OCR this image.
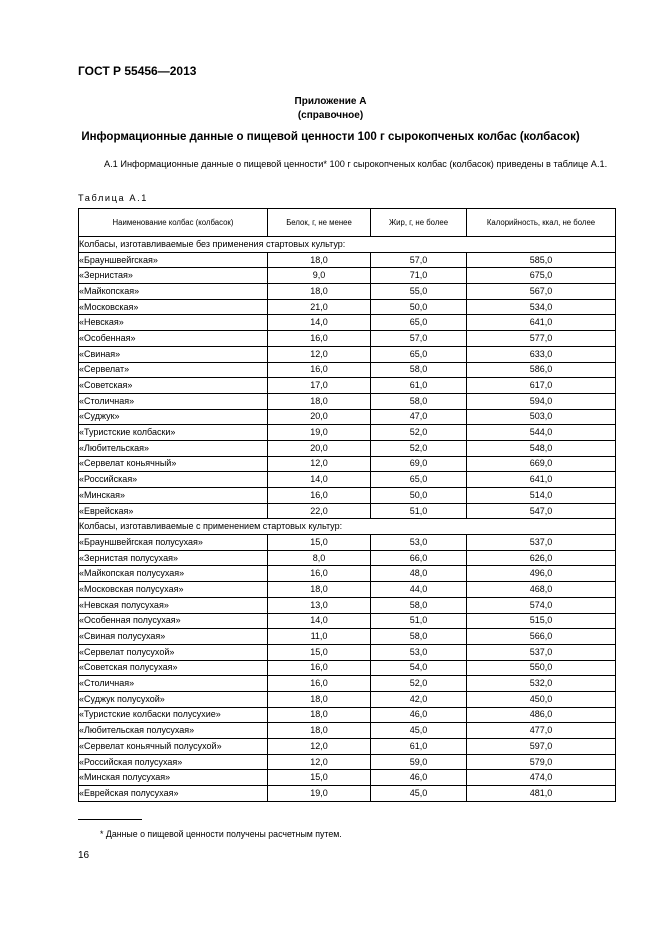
ГОСТ Р 55456—2013
Приложение А
(справочное)
Информационные данные о пищевой ценности 100 г сырокопченых колбас (колбасок)
А.1 Информационные данные о пищевой ценности* 100 г сырокопченых колбас (колбасок) приведены в таблице А.1.
Таблица А.1
Наименование колбас (колбасок)	Белок, г, не менее	Жир, г, не более	Калорийность, ккал, не более
Колбасы, изготавливаемые без применения стартовых культур:			
«Брауншвейгская»	18,0	57,0	585,0
«Зернистая»	9,0	71,0	675,0
«Майкопская»	18,0	55,0	567,0
«Московская»	21,0	50,0	534,0
«Невская»	14,0	65,0	641,0
«Особенная»	16,0	57,0	577,0
«Свиная»	12,0	65,0	633,0
«Сервелат»	16,0	58,0	586,0
«Советская»	17,0	61,0	617,0
«Столичная»	18,0	58,0	594,0
«Суджук»	20,0	47,0	503,0
«Туристские колбаски»	19,0	52,0	544,0
«Любительская»	20,0	52,0	548,0
«Сервелат коньячный»	12,0	69,0	669,0
«Российская»	14,0	65,0	641,0
«Минская»	16,0	50,0	514,0
«Еврейская»	22,0	51,0	547,0
Колбасы, изготавливаемые с применением стартовых культур:			
«Брауншвейгская полусухая»	15,0	53,0	537,0
«Зернистая полусухая»	8,0	66,0	626,0
«Майкопская полусухая»	16,0	48,0	496,0
«Московская полусухая»	18,0	44,0	468,0
«Невская полусухая»	13,0	58,0	574,0
«Особенная полусухая»	14,0	51,0	515,0
«Свиная полусухая»	11,0	58,0	566,0
«Сервелат полусухой»	15,0	53,0	537,0
«Советская полусухая»	16,0	54,0	550,0
«Столичная»	16,0	52,0	532,0
«Суджук полусухой»	18,0	42,0	450,0
«Туристские колбаски полусухие»	18,0	46,0	486,0
«Любительская полусухая»	18,0	45,0	477,0
«Сервелат коньячный полусухой»	12,0	61,0	597,0
«Российская полусухая»	12,0	59,0	579,0
«Минская полусухая»	15,0	46,0	474,0
«Еврейская полусухая»	19,0	45,0	481,0
* Данные о пищевой ценности получены расчетным путем.
16
